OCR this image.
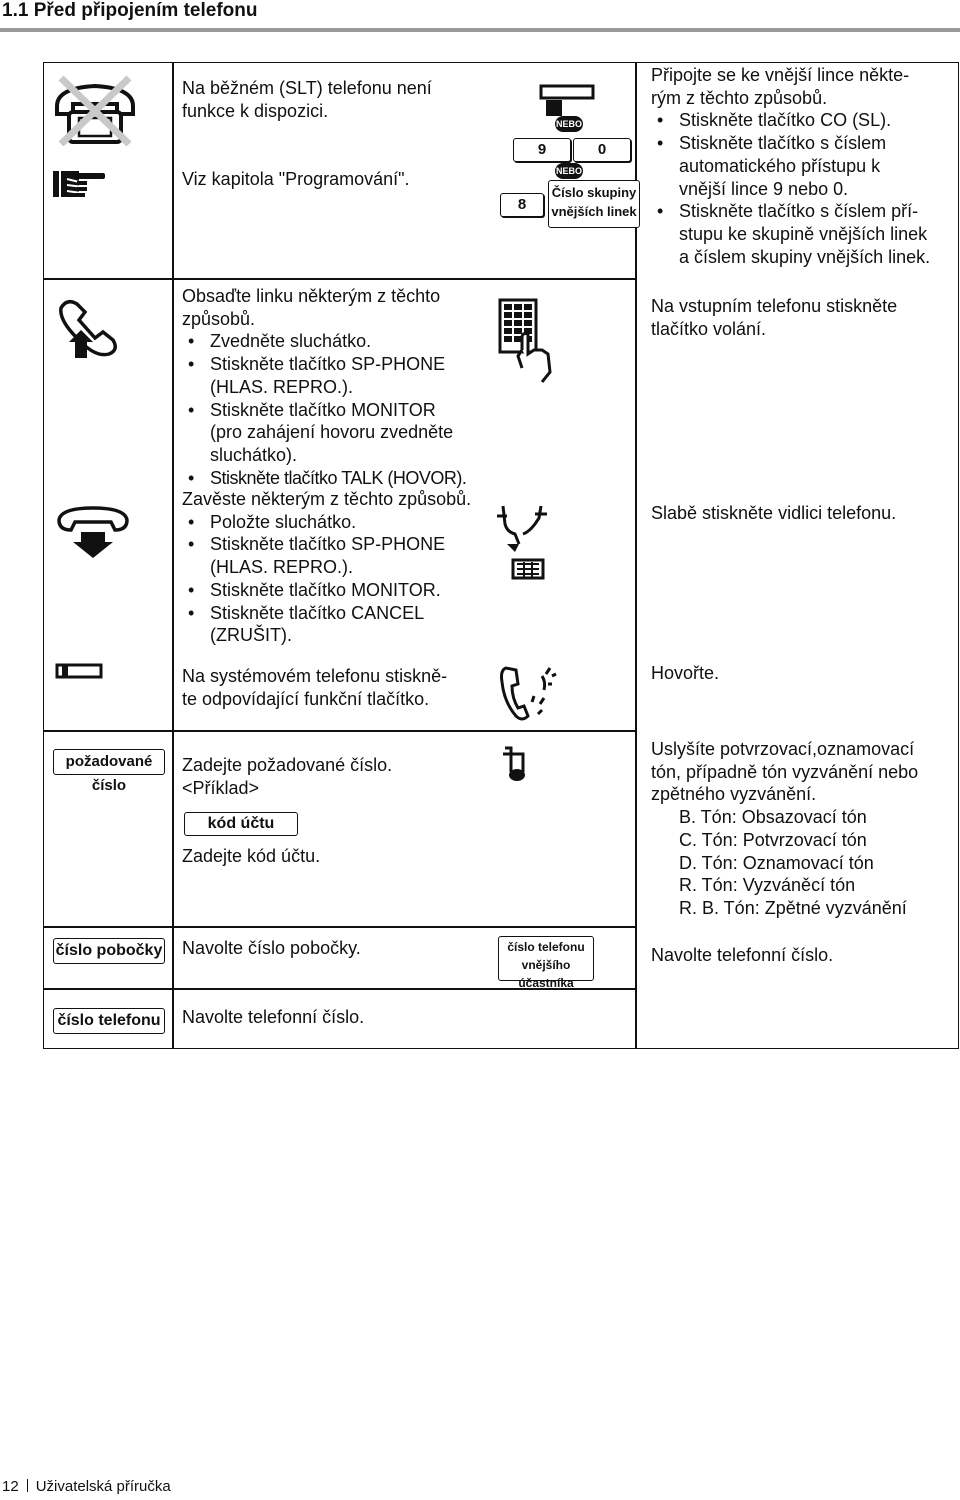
1.1 Před připojením telefonu

Na běžném (SLT) telefonu není

funkce k dispozici.

Viz kapitola "Programování".

NEBO
9	0
NEBO
8
Číslo skupiny
vnějších linek

Připojte se ke vnější lince někte-

rým z těchto způsobů.

• Stiskněte tlačítko CO (SL).

• Stiskněte tlačítko s číslem

automatického přístupu k

vnější lince 9 nebo 0.

• Stiskněte tlačítko s číslem pří-

stupu ke skupině vnějších linek

a číslem skupiny vnějších linek.

Obsaďte linku některým z těchto

způsobů.

• Zvedněte sluchátko.

• Stiskněte tlačítko SP-PHONE

(HLAS. REPRO.).

• Stiskněte tlačítko MONITOR

(pro zahájení hovoru zvedněte

sluchátko).

• Stiskněte tlačítko TALK (HOVOR).

Na vstupním telefonu stiskněte

tlačítko volání.

Zavěste některým z těchto způsobů.

• Položte sluchátko.

• Stiskněte tlačítko SP-PHONE

(HLAS. REPRO.).

• Stiskněte tlačítko MONITOR.

• Stiskněte tlačítko CANCEL

(ZRUŠIT).

Slabě stiskněte vidlici telefonu.

Na systémovém telefonu stiskně-

te odpovídající funkční tlačítko.

Hovořte.

požadované číslo

Zadejte požadované číslo.

<Příklad>

kód účtu

Zadejte kód účtu.

Uslyšíte potvrzovací,oznamovací

tón, případně tón vyzvánění nebo

zpětného vyzvánění.

B. Tón: Obsazovací tón

C. Tón: Potvrzovací tón

D. Tón: Oznamovací tón

R. Tón: Vyzváněcí tón

R. B. Tón: Zpětné vyzvánění

číslo pobočky Navolte číslo pobočky.	číslo telefonu
vnějšího účastníka

Navolte telefonní číslo.

číslo telefonu Navolte telefonní číslo.

12 Uživatelská příručka
